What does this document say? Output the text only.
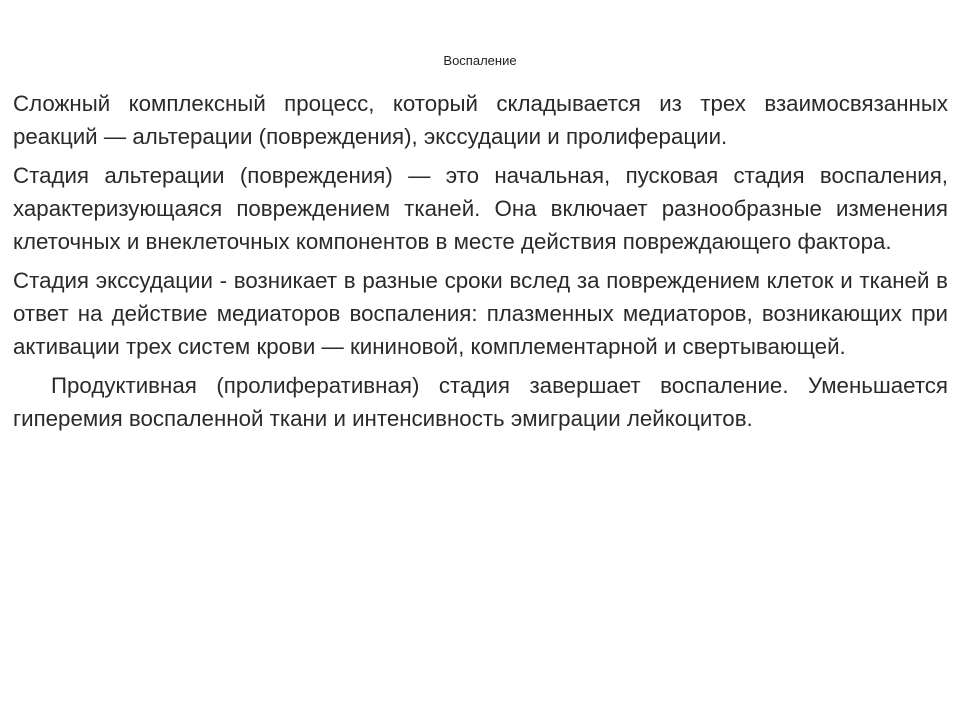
Воспаление

Сложный комплексный процесс, который складывается из трех взаимосвязанных реакций — альтерации (повреждения), экссудации и пролиферации.

Стадия альтерации (повреждения) — это начальная, пусковая стадия воспаления, характеризующаяся повреждением тканей. Она включает разнообразные изменения клеточных и внеклеточных компонентов в месте действия повреждающего фактора.

Стадия экссудации - возникает в разные сроки вслед за повреждением клеток и тканей в ответ на действие медиаторов воспаления: плазменных медиаторов, возникающих при активации трех систем крови — кининовой, комплементарной и свертывающей.

Продуктивная (пролиферативная) стадия завершает воспаление. Уменьшается гиперемия воспаленной ткани и интенсивность эмиграции лейкоцитов.
